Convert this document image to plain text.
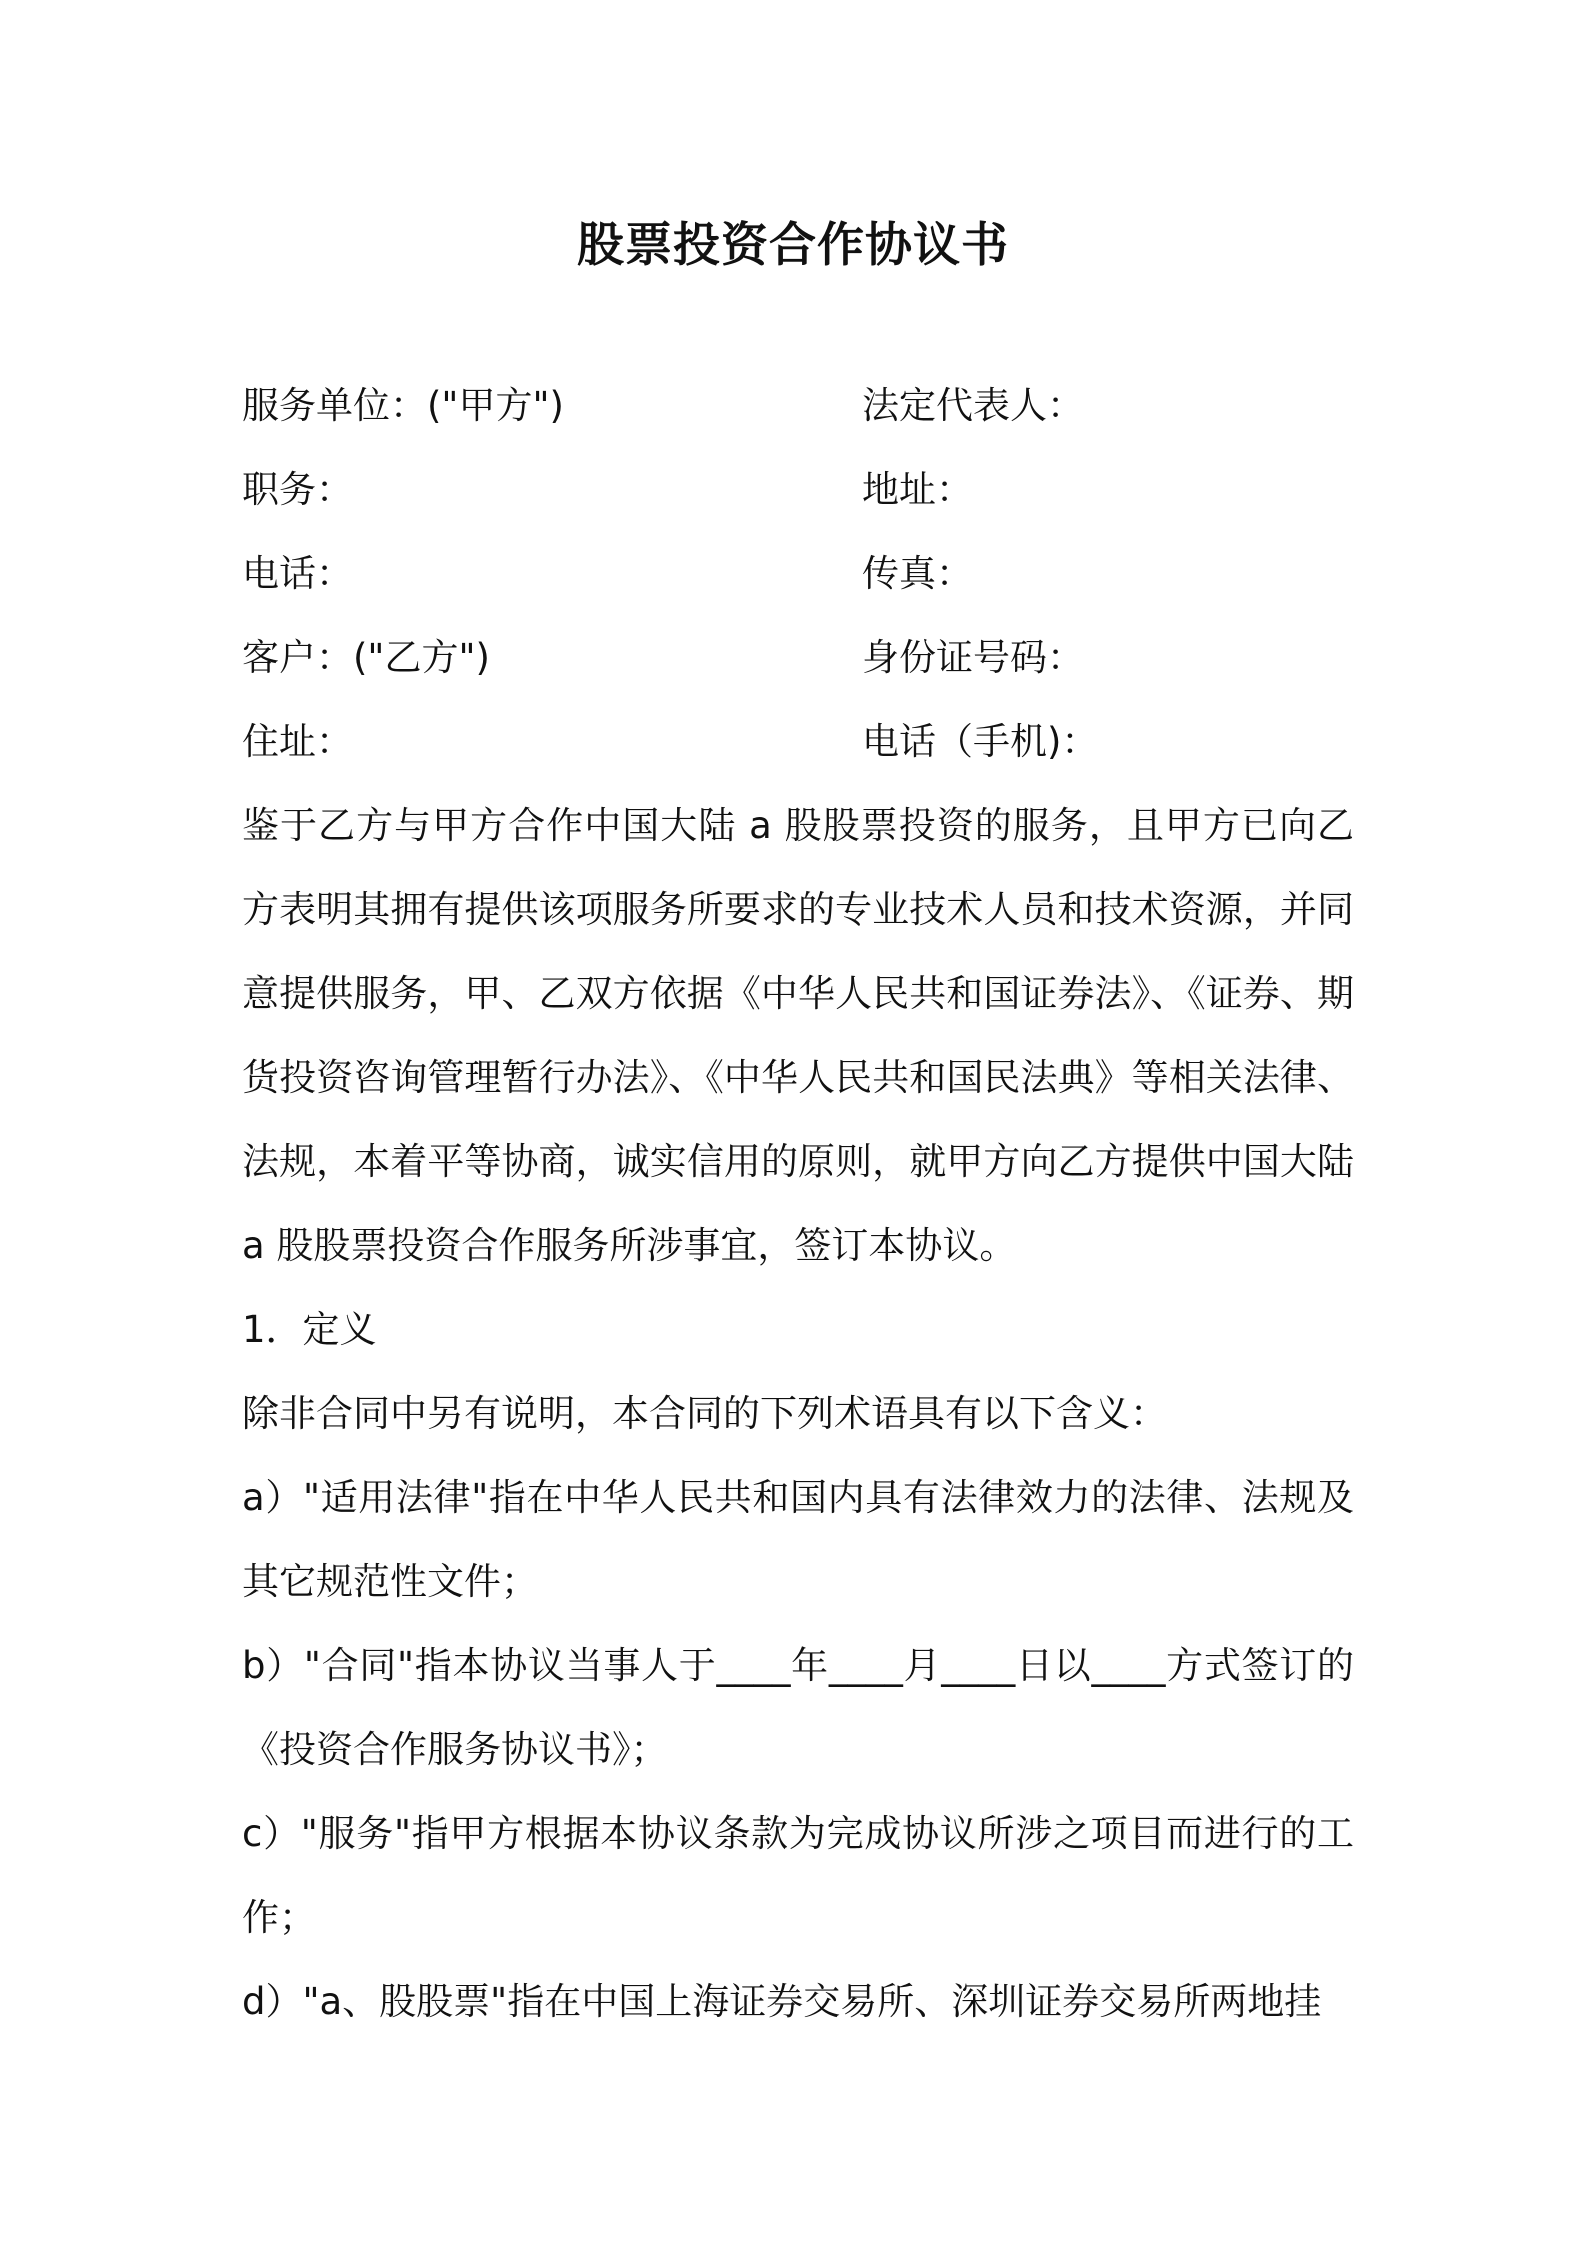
股票投资合作协议书
服务单位：("甲方")	法定代表人：
职务：	地址：
电话：	传真：
客户：("乙方")	身份证号码：
住址：	电话（手机)：

鉴于乙方与甲方合作中国大陆 a 股股票投资的服务，且甲方已向乙方表明其拥有提供该项服务所要求的专业技术人员和技术资源，并同意提供服务，甲、乙双方依据《中华人民共和国证券法》、《证券、期货投资咨询管理暂行办法》、《中华人民共和国民法典》等相关法律、法规，本着平等协商，诚实信用的原则，就甲方向乙方提供中国大陆 a 股股票投资合作服务所涉事宜，签订本协议。

1．定义

除非合同中另有说明，本合同的下列术语具有以下含义：

a）"适用法律"指在中华人民共和国内具有法律效力的法律、法规及其它规范性文件；

b）"合同"指本协议当事人于____年____月____日以____方式签订的《投资合作服务协议书》；

c）"服务"指甲方根据本协议条款为完成协议所涉之项目而进行的工作；

d）"a、股股票"指在中国上海证券交易所、深圳证券交易所两地挂
